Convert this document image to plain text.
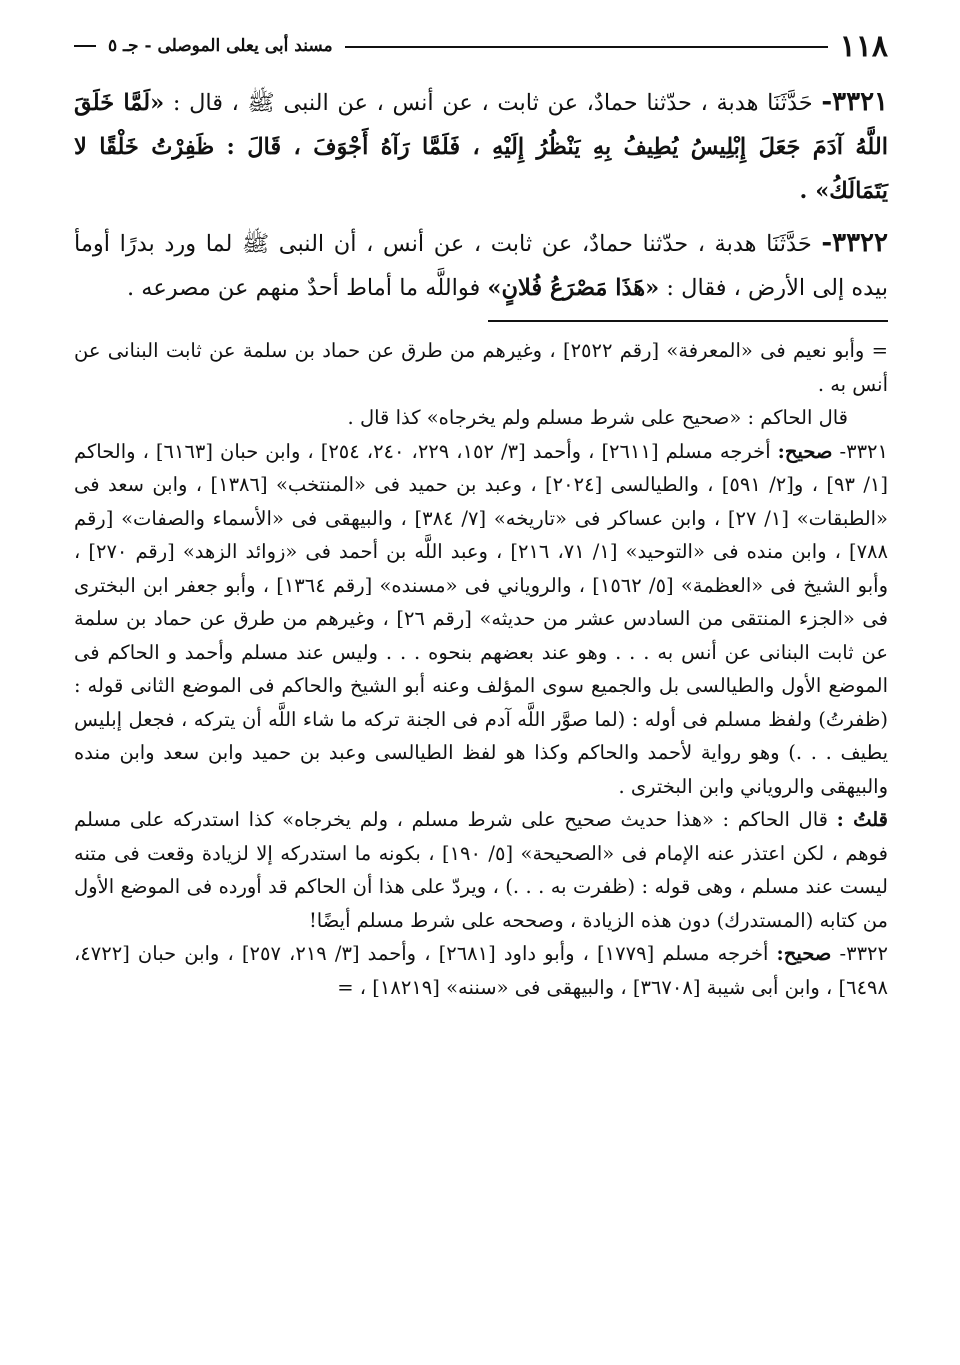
١١٨
مسند أبى يعلى الموصلى - جـ ٥

٣٣٢١- حَدَّثَنَا هدبة ، حدّثنا حمادٌ، عن ثابت ، عن أنس ، عن النبى ﷺ ، قال : «لَمَّا خَلَقَ اللَّهُ آدَمَ جَعَلَ إِبْلِيسُ يُطِيفُ بِهِ يَنْظُرُ إِلَيْهِ ، فَلَمَّا رَآهُ أَجْوَفَ ، قَالَ : ظَفِرْتُ خَلْقًا لا يَتَمَالَكُ» .

٣٣٢٢- حَدَّثَنَا هدبة ، حدّثنا حمادٌ، عن ثابت ، عن أنس ، أن النبى ﷺ لما ورد بدرًا أومأ بيده إلى الأرض ، فقال : «هَذَا مَصْرَعُ فُلانٍ» فواللَّه ما أماط أحدٌ منهم عن مصرعه .

= وأبو نعيم فى «المعرفة» [رقم ٢٥٢٢] ، وغيرهم من طرق عن حماد بن سلمة عن ثابت البنانى عن أنس به .

قال الحاكم : «صحيح على شرط مسلم ولم يخرجاه» كذا قال .

٣٣٢١- صحيح: أخرجه مسلم [٢٦١١] ، وأحمد [٣/ ١٥٢، ٢٢٩، ٢٤٠، ٢٥٤] ، وابن حبان [٦١٦٣] ، والحاكم [١/ ٩٣] ، و[٢/ ٥٩١] ، والطيالسى [٢٠٢٤] ، وعبد بن حميد فى «المنتخب» [١٣٨٦] ، وابن سعد فى «الطبقات» [١/ ٢٧] ، وابن عساكر فى «تاريخه» [٧/ ٣٨٤] ، والبيهقى فى «الأسماء والصفات» [رقم ٧٨٨] ، وابن منده فى «التوحيد» [١/ ٧١، ٢١٦] ، وعبد اللَّه بن أحمد فى «زوائد الزهد» [رقم ٢٧٠] ، وأبو الشيخ فى «العظمة» [٥/ ١٥٦٢] ، والروياني فى «مسنده» [رقم ١٣٦٤] ، وأبو جعفر ابن البخترى فى «الجزء المنتقى من السادس عشر من حديثه» [رقم ٢٦] ، وغيرهم من طرق عن حماد بن سلمة عن ثابت البنانى عن أنس به . . . وهو عند بعضهم بنحوه . . . وليس عند مسلم وأحمد و الحاكم فى الموضع الأول والطيالسى بل والجميع سوى المؤلف وعنه أبو الشيخ والحاكم فى الموضع الثانى قوله : (ظفرتُ) ولفظ مسلم فى أوله : (لما صوَّر اللَّه آدم فى الجنة تركه ما شاء اللَّه أن يتركه ، فجعل إبليس يطيف . . .) وهو رواية لأحمد والحاكم وكذا هو لفظ الطيالسى وعبد بن حميد وابن سعد وابن منده والبيهقى والروياني وابن البخترى .

قلتُ : قال الحاكم : «هذا حديث صحيح على شرط مسلم ، ولم يخرجاه» كذا استدركه على مسلم فوهم ، لكن اعتذر عنه الإمام فى «الصحيحة» [٥/ ١٩٠] ، بكونه ما استدركه إلا لزيادة وقعت فى متنه ليست عند مسلم ، وهى قوله : (ظفرت به . . .) ، ويردّ على هذا أن الحاكم قد أورده فى الموضع الأول من كتابه (المستدرك) دون هذه الزيادة ، وصححه على شرط مسلم أيضًا!

٣٣٢٢- صحيح: أخرجه مسلم [١٧٧٩] ، وأبو داود [٢٦٨١] ، وأحمد [٣/ ٢١٩، ٢٥٧] ، وابن حبان [٤٧٢٢، ٦٤٩٨] ، وابن أبى شيبة [٣٦٧٠٨] ، والبيهقى فى «سننه» [١٨٢١٩] ، =
